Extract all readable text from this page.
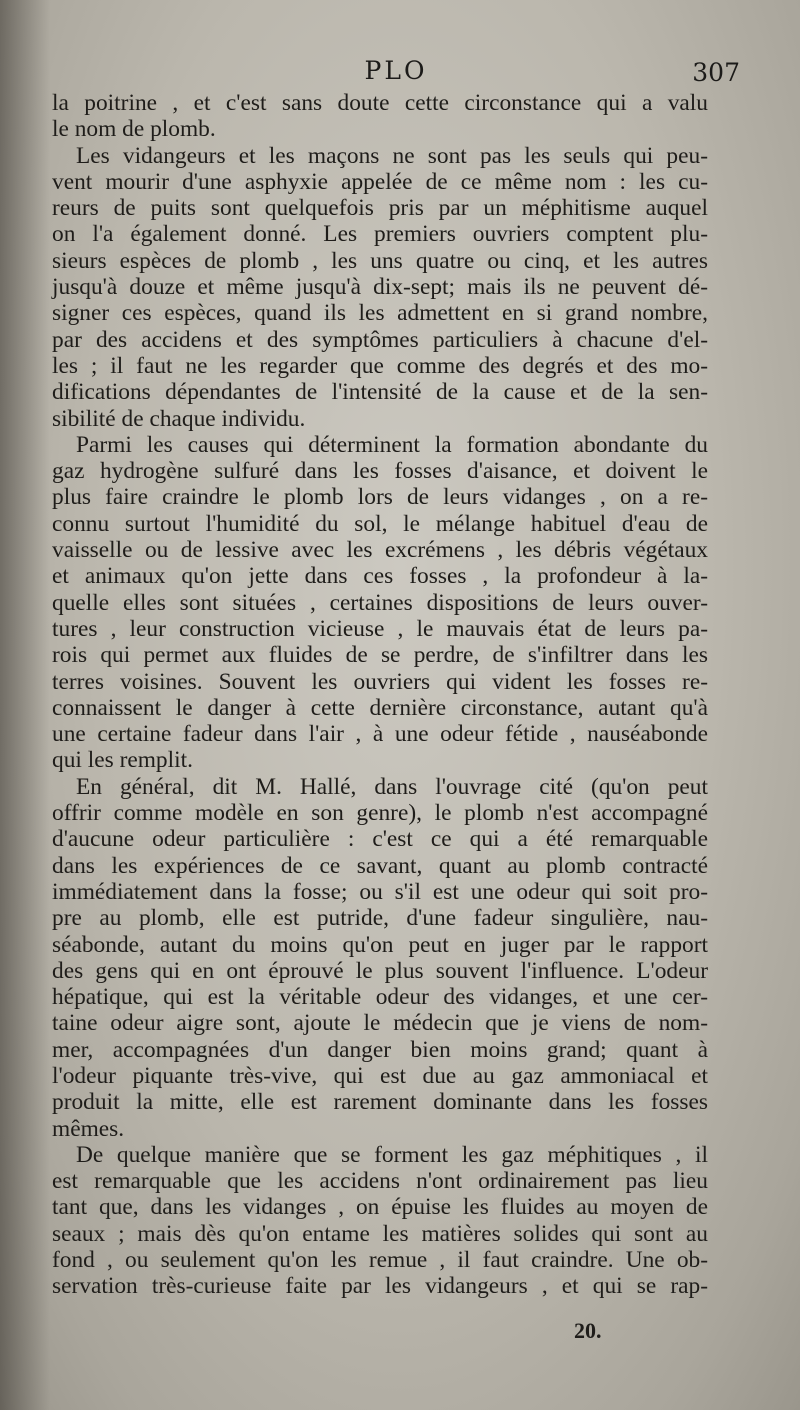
PLO	307
la poitrine , et c'est sans doute cette circonstance qui a valu
le nom de plomb.
Les vidangeurs et les maçons ne sont pas les seuls qui peu-
vent mourir d'une asphyxie appelée de ce même nom : les cu-
reurs de puits sont quelquefois pris par un méphitisme auquel
on l'a également donné. Les premiers ouvriers comptent plu-
sieurs espèces de plomb , les uns quatre ou cinq, et les autres
jusqu'à douze et même jusqu'à dix-sept; mais ils ne peuvent dé-
signer ces espèces, quand ils les admettent en si grand nombre,
par des accidens et des symptômes particuliers à chacune d'el-
les ; il faut ne les regarder que comme des degrés et des mo-
difications dépendantes de l'intensité de la cause et de la sen-
sibilité de chaque individu.
Parmi les causes qui déterminent la formation abondante du
gaz hydrogène sulfuré dans les fosses d'aisance, et doivent le
plus faire craindre le plomb lors de leurs vidanges , on a re-
connu surtout l'humidité du sol, le mélange habituel d'eau de
vaisselle ou de lessive avec les excrémens , les débris végétaux
et animaux qu'on jette dans ces fosses , la profondeur à la-
quelle elles sont situées , certaines dispositions de leurs ouver-
tures , leur construction vicieuse , le mauvais état de leurs pa-
rois qui permet aux fluides de se perdre, de s'infiltrer dans les
terres voisines. Souvent les ouvriers qui vident les fosses re-
connaissent le danger à cette dernière circonstance, autant qu'à
une certaine fadeur dans l'air , à une odeur fétide , nauséabonde
qui les remplit.
En général, dit M. Hallé, dans l'ouvrage cité (qu'on peut
offrir comme modèle en son genre), le plomb n'est accompagné
d'aucune odeur particulière : c'est ce qui a été remarquable
dans les expériences de ce savant, quant au plomb contracté
immédiatement dans la fosse; ou s'il est une odeur qui soit pro-
pre au plomb, elle est putride, d'une fadeur singulière, nau-
séabonde, autant du moins qu'on peut en juger par le rapport
des gens qui en ont éprouvé le plus souvent l'influence. L'odeur
hépatique, qui est la véritable odeur des vidanges, et une cer-
taine odeur aigre sont, ajoute le médecin que je viens de nom-
mer, accompagnées d'un danger bien moins grand; quant à
l'odeur piquante très-vive, qui est due au gaz ammoniacal et
produit la mitte, elle est rarement dominante dans les fosses
mêmes.
De quelque manière que se forment les gaz méphitiques , il
est remarquable que les accidens n'ont ordinairement pas lieu
tant que, dans les vidanges , on épuise les fluides au moyen de
seaux ; mais dès qu'on entame les matières solides qui sont au
fond , ou seulement qu'on les remue , il faut craindre. Une ob-
servation très-curieuse faite par les vidangeurs , et qui se rap-
20.
